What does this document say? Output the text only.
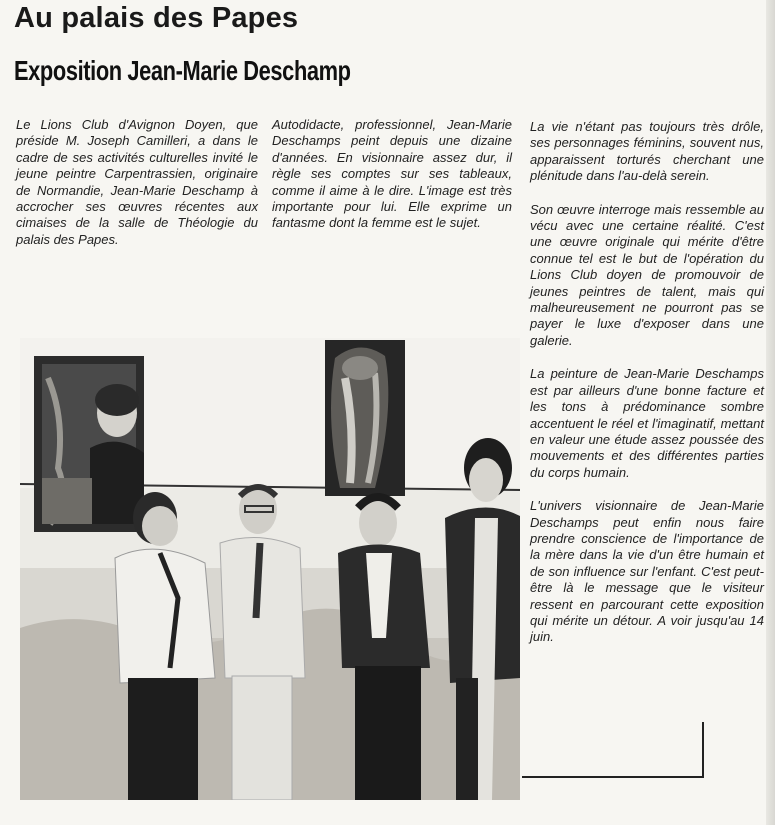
Au palais des Papes
Exposition Jean-Marie Deschamp

Le Lions Club d'Avignon Doyen, que préside M. Joseph Camilleri, a dans le cadre de ses activités culturelles invité le jeune peintre Carpentrassien, originaire de Normandie, Jean-Marie Deschamp à accrocher ses œuvres récentes aux cimaises de la salle de Théologie du palais des Papes.

Autodidacte, professionnel, Jean-Marie Deschamps peint depuis une dizaine d'années. En visionnaire assez dur, il règle ses comptes sur ses tableaux, comme il aime à le dire. L'image est très importante pour lui. Elle exprime un fantasme dont la femme est le sujet.

La vie n'étant pas toujours très drôle, ses personnages féminins, souvent nus, apparaissent torturés cherchant une plénitude dans l'au-delà serein.

Son œuvre interroge mais ressemble au vécu avec une certaine réalité. C'est une œuvre originale qui mérite d'être connue tel est le but de l'opération du Lions Club doyen de promouvoir de jeunes peintres de talent, mais qui malheureusement ne pourront pas se payer le luxe d'exposer dans une galerie.

La peinture de Jean-Marie Deschamps est par ailleurs d'une bonne facture et les tons à prédominance sombre accentuent le réel et l'imaginatif, mettant en valeur une étude assez poussée des mouvements et des différentes parties du corps humain.

L'univers visionnaire de Jean-Marie Deschamps peut enfin nous faire prendre conscience de l'importance de la mère dans la vie d'un être humain et de son influence sur l'enfant. C'est peut-être là le message que le visiteur ressent en parcourant cette exposition qui mérite un détour. A voir jusqu'au 14 juin.
